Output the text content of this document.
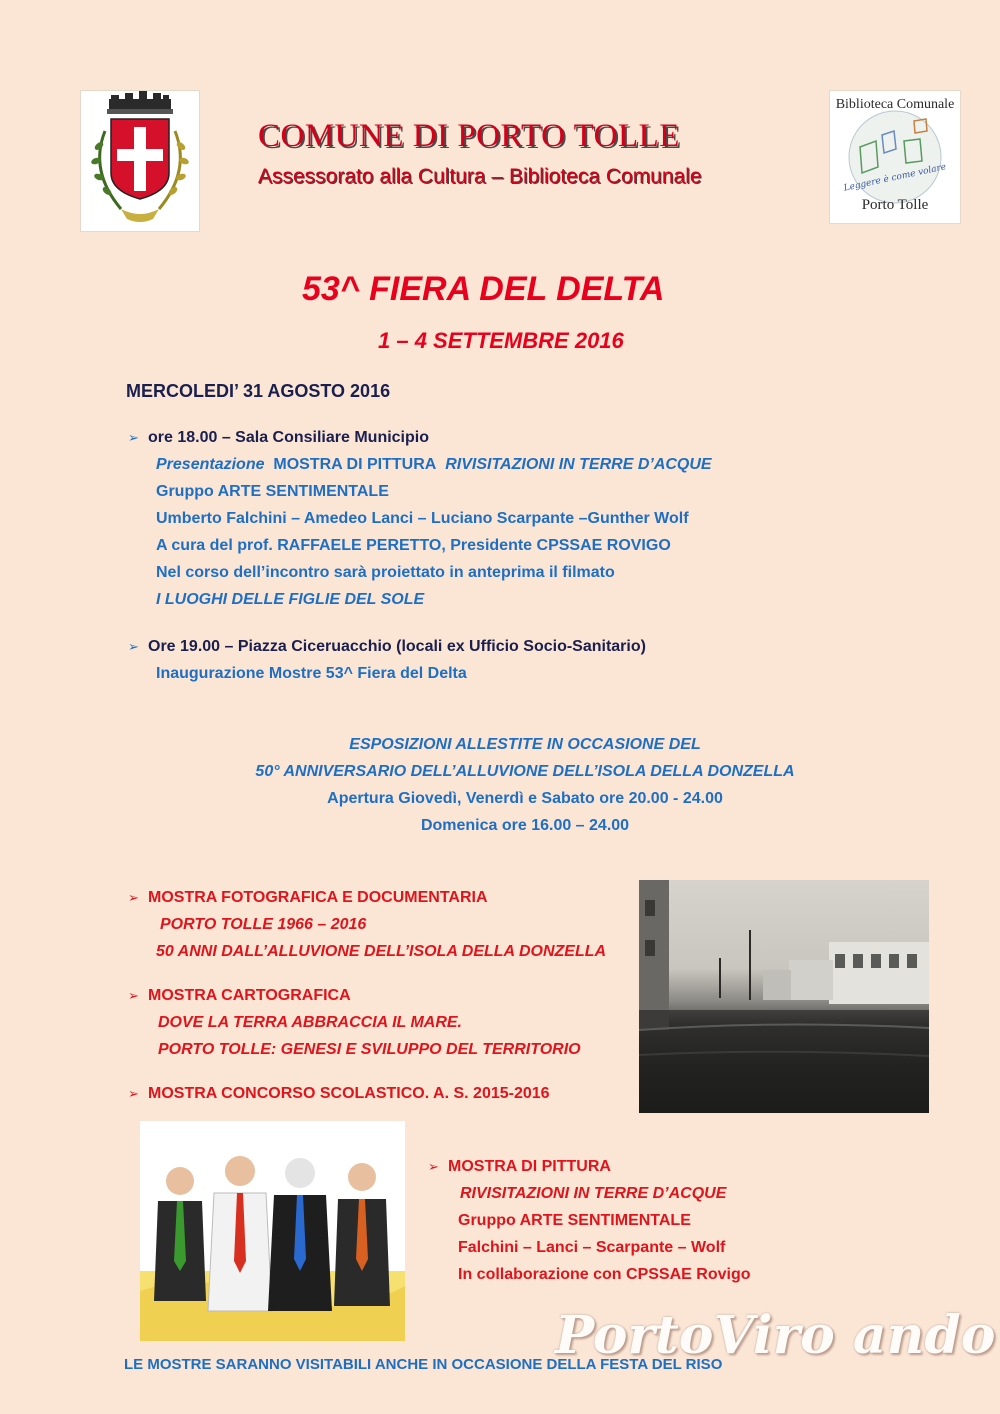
Biblioteca Comunale
Leggere è come volare
Porto Tolle
COMUNE DI PORTO TOLLE
Assessorato alla Cultura – Biblioteca Comunale
53^ FIERA DEL DELTA
1 – 4 SETTEMBRE 2016
MERCOLEDI’ 31 AGOSTO 2016
➢ ore 18.00 – Sala Consiliare Municipio
Presentazione MOSTRA DI PITTURA RIVISITAZIONI IN TERRE D’ACQUE
Gruppo ARTE SENTIMENTALE
Umberto Falchini – Amedeo Lanci – Luciano Scarpante –Gunther Wolf
A cura del prof. RAFFAELE PERETTO, Presidente CPSSAE ROVIGO
Nel corso dell’incontro sarà proiettato in anteprima il filmato
I LUOGHI DELLE FIGLIE DEL SOLE
➢ Ore 19.00 – Piazza Ciceruacchio (locali ex Ufficio Socio-Sanitario)
Inaugurazione Mostre 53^ Fiera del Delta
ESPOSIZIONI ALLESTITE IN OCCASIONE DEL
50° ANNIVERSARIO DELL’ALLUVIONE DELL’ISOLA DELLA DONZELLA
Apertura Giovedì, Venerdì e Sabato ore 20.00 - 24.00
Domenica ore 16.00 – 24.00
➢ MOSTRA FOTOGRAFICA E DOCUMENTARIA
PORTO TOLLE 1966 – 2016
50 ANNI DALL’ALLUVIONE DELL’ISOLA DELLA DONZELLA
➢ MOSTRA CARTOGRAFICA
DOVE LA TERRA ABBRACCIA IL MARE.
PORTO TOLLE: GENESI E SVILUPPO DEL TERRITORIO
➢ MOSTRA CONCORSO SCOLASTICO. A. S. 2015-2016
➢ MOSTRA DI PITTURA
RIVISITAZIONI IN TERRE D’ACQUE
Gruppo ARTE SENTIMENTALE
Falchini – Lanci – Scarpante – Wolf
In collaborazione con CPSSAE Rovigo
PortoViro ando
LE MOSTRE SARANNO VISITABILI ANCHE IN OCCASIONE DELLA FESTA DEL RISO
